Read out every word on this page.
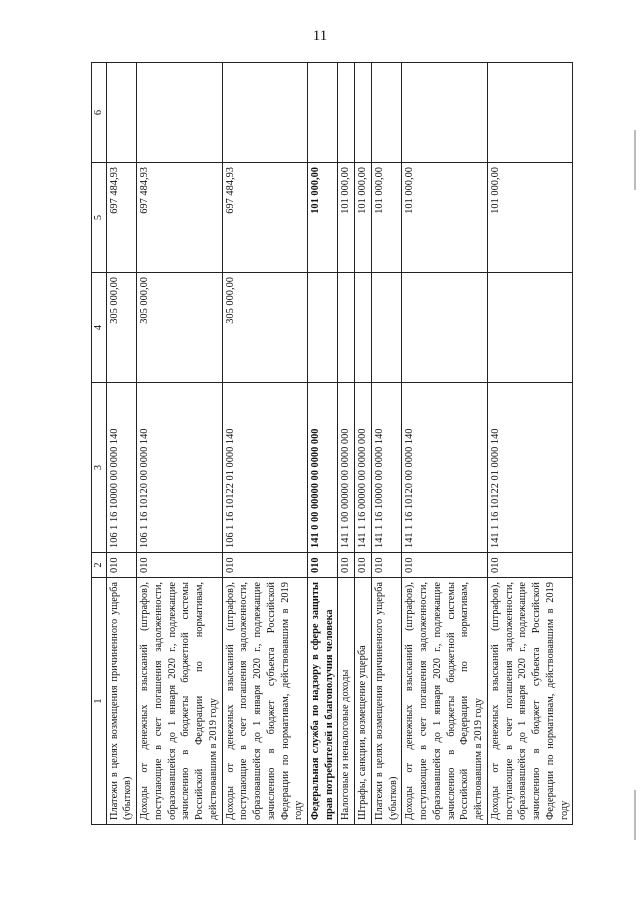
11
1	2	3	4	5	6
Платежи в целях возмещения причиненного ущерба (убытков)	010	106 1 16 10000 00 0000 140	305 000,00	697 484,93	
Доходы от денежных взысканий (штрафов), поступающие в счет погашения задолженности, образовавшейся до 1 января 2020 г., подлежащие зачислению в бюджеты бюджетной системы Российской Федерации по нормативам, действовавшим в 2019 году	010	106 1 16 10120 00 0000 140	305 000,00	697 484,93	
Доходы от денежных взысканий (штрафов), поступающие в счет погашения задолженности, образовавшейся до 1 января 2020 г., подлежащие зачислению в бюджет субъекта Российской Федерации по нормативам, действовавшим в 2019 году	010	106 1 16 10122 01 0000 140	305 000,00	697 484,93	
Федеральная служба по надзору в сфере защиты прав потребителей и благополучия человека	010	141 0 00 00000 00 0000 000		101 000,00	
Налоговые и неналоговые доходы	010	141 1 00 00000 00 0000 000		101 000,00	
Штрафы, санкции, возмещение ущерба	010	141 1 16 00000 00 0000 000		101 000,00	
Платежи в целях возмещения причиненного ущерба (убытков)	010	141 1 16 10000 00 0000 140		101 000,00	
Доходы от денежных взысканий (штрафов), поступающие в счет погашения задолженности, образовавшейся до 1 января 2020 г., подлежащие зачислению в бюджеты бюджетной системы Российской Федерации по нормативам, действовавшим в 2019 году	010	141 1 16 10120 00 0000 140		101 000,00	
Доходы от денежных взысканий (штрафов), поступающие в счет погашения задолженности, образовавшейся до 1 января 2020 г., подлежащие зачислению в бюджет субъекта Российской Федерации по нормативам, действовавшим в 2019 году	010	141 1 16 10122 01 0000 140		101 000,00	
